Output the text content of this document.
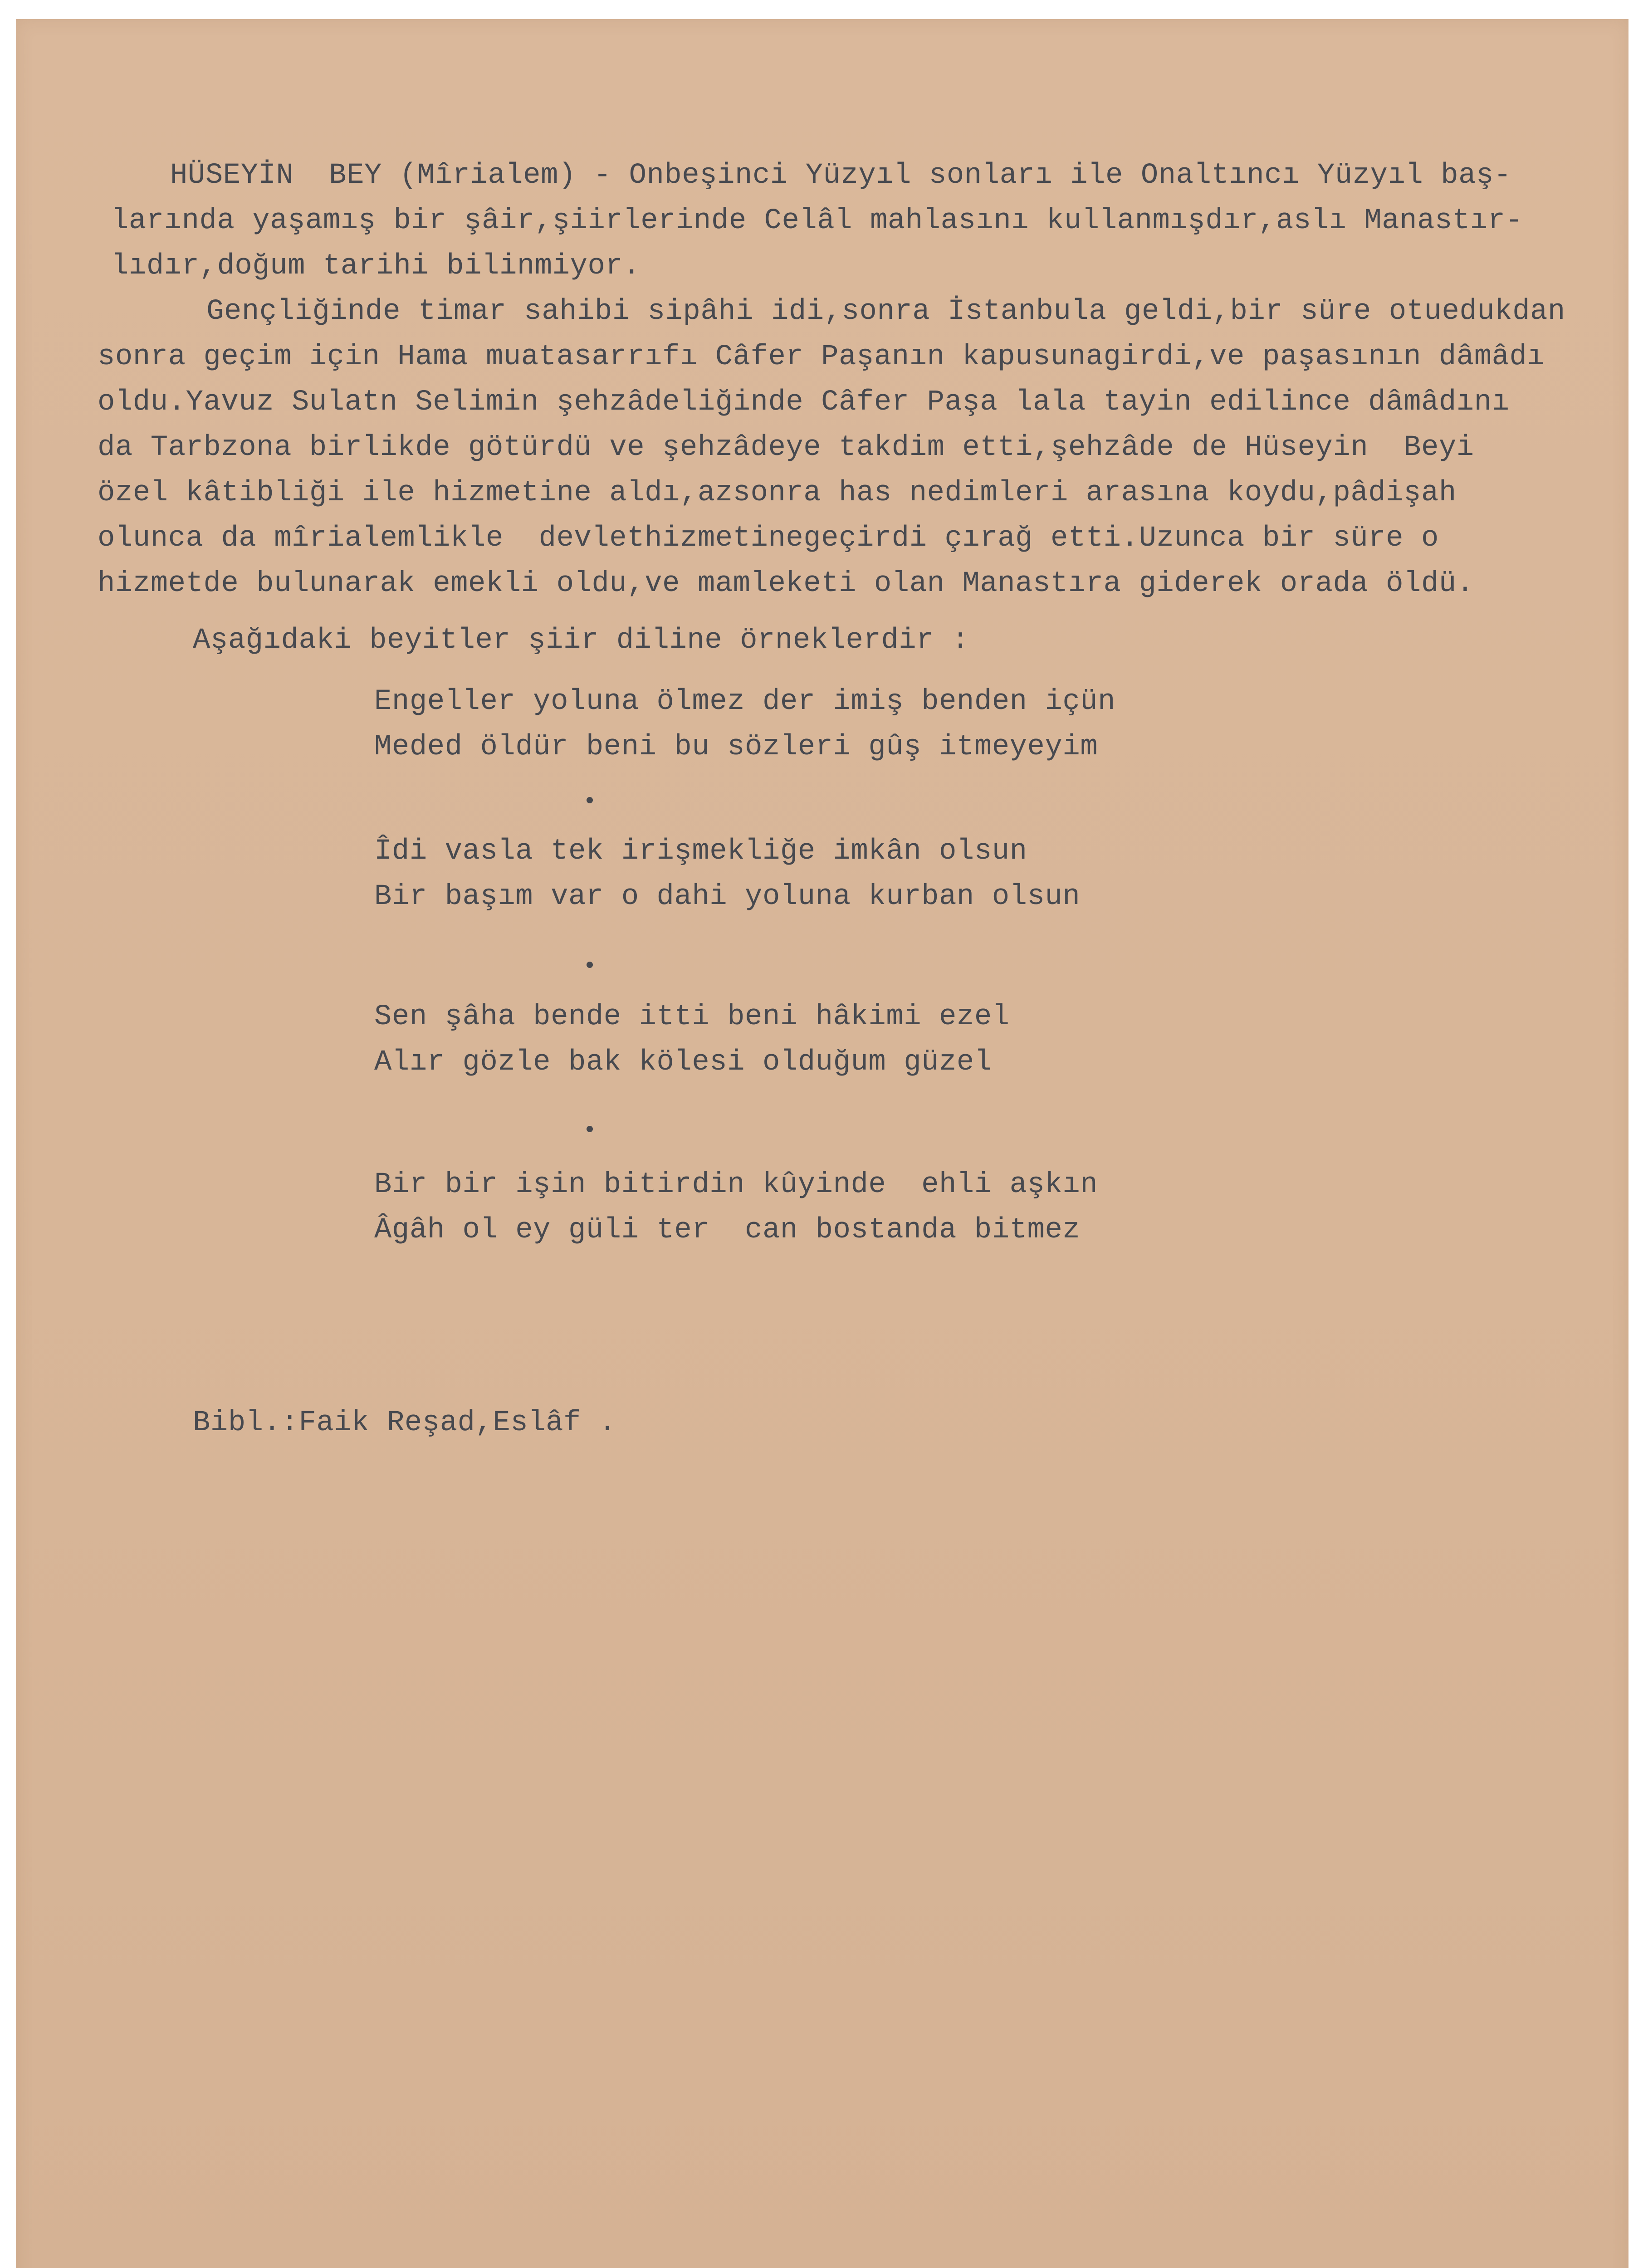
HÜSEYİN  BEY (Mîrialem) - Onbeşinci Yüzyıl sonları ile Onaltıncı Yüzyıl baş-
larında yaşamış bir şâir,şiirlerinde Celâl mahlasını kullanmışdır,aslı Manastır-
lıdır,doğum tarihi bilinmiyor.
Gençliğinde timar sahibi sipâhi idi,sonra İstanbula geldi,bir süre otuedukdan
sonra geçim için Hama muatasarrıfı Câfer Paşanın kapusunagirdi,ve paşasının dâmâdı
oldu.Yavuz Sulatn Selimin şehzâdeliğinde Câfer Paşa lala tayin edilince dâmâdını
da Tarbzona birlikde götürdü ve şehzâdeye takdim etti,şehzâde de Hüseyin  Beyi
özel kâtibliği ile hizmetine aldı,azsonra has nedimleri arasına koydu,pâdişah
olunca da mîrialemlikle  devlethizmetinegeçirdi çırağ etti.Uzunca bir süre o
hizmetde bulunarak emekli oldu,ve mamleketi olan Manastıra giderek orada öldü.
Aşağıdaki beyitler şiir diline örneklerdir :
Engeller yoluna ölmez der imiş benden içün
Meded öldür beni bu sözleri gûş itmeyeyim
Îdi vasla tek irişmekliğe imkân olsun
Bir başım var o dahi yoluna kurban olsun
Sen şâha bende itti beni hâkimi ezel
Alır gözle bak kölesi olduğum güzel
Bir bir işin bitirdin kûyinde  ehli aşkın
Âgâh ol ey güli ter  can bostanda bitmez
Bibl.:Faik Reşad,Eslâf .
